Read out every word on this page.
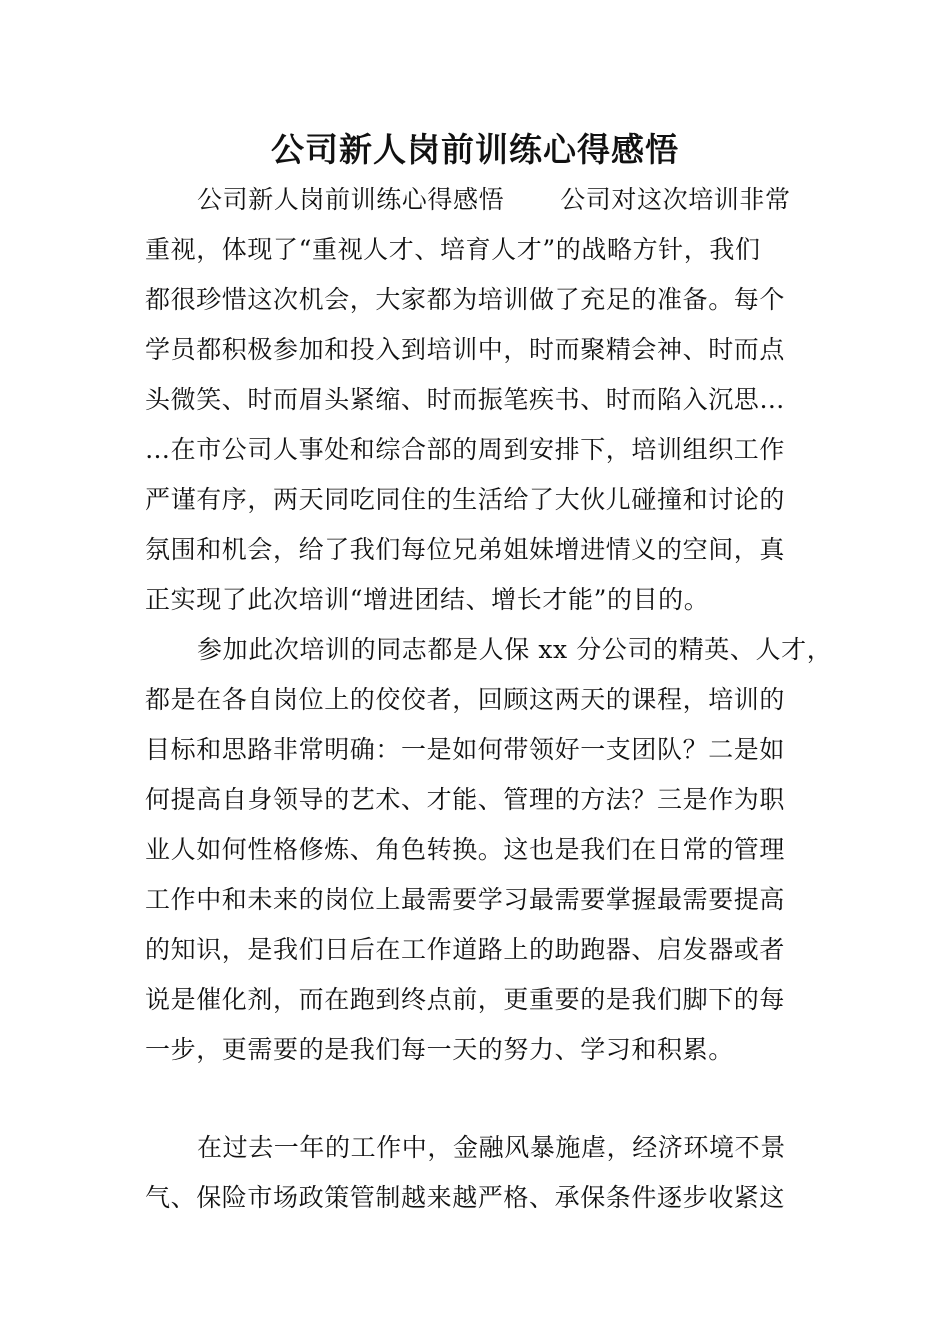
公司新人岗前训练心得感悟
公司新人岗前训练心得感悟 公司对这次培训非常
重视，体现了“重视人才、培育人才”的战略方针，我们
都很珍惜这次机会，大家都为培训做了充足的准备。每个
学员都积极参加和投入到培训中，时而聚精会神、时而点
头微笑、时而眉头紧缩、时而振笔疾书、时而陷入沉思…
…在市公司人事处和综合部的周到安排下，培训组织工作
严谨有序，两天同吃同住的生活给了大伙儿碰撞和讨论的
氛围和机会，给了我们每位兄弟姐妹增进情义的空间，真
正实现了此次培训“增进团结、增长才能”的目的。
参加此次培训的同志都是人保 xx 分公司的精英、人才，
都是在各自岗位上的佼佼者，回顾这两天的课程，培训的
目标和思路非常明确：一是如何带领好一支团队？二是如
何提高自身领导的艺术、才能、管理的方法？三是作为职
业人如何性格修炼、角色转换。这也是我们在日常的管理
工作中和未来的岗位上最需要学习最需要掌握最需要提高
的知识，是我们日后在工作道路上的助跑器、启发器或者
说是催化剂，而在跑到终点前，更重要的是我们脚下的每
一步，更需要的是我们每一天的努力、学习和积累。
在过去一年的工作中，金融风暴施虐，经济环境不景
气、保险市场政策管制越来越严格、承保条件逐步收紧这
